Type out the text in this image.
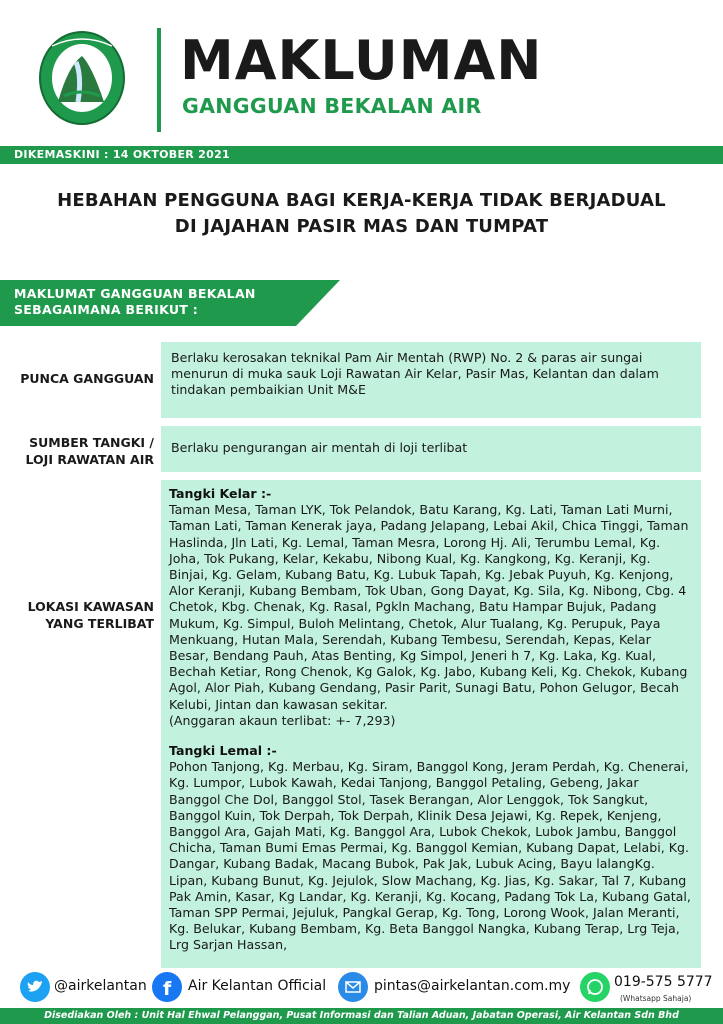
MAKLUMAN
GANGGUAN BEKALAN AIR
DIKEMASKINI : 14 OKTOBER 2021
HEBAHAN PENGGUNA BAGI KERJA-KERJA TIDAK BERJADUAL
DI JAJAHAN PASIR MAS DAN TUMPAT
MAKLUMAT GANGGUAN BEKALAN
SEBAGAIMANA BERIKUT :
PUNCA GANGGUAN
Berlaku kerosakan teknikal Pam Air Mentah (RWP) No. 2 & paras air sungai menurun di muka sauk Loji Rawatan Air Kelar, Pasir Mas, Kelantan dan dalam tindakan pembaikian Unit M&E
SUMBER TANGKI /
LOJI RAWATAN AIR
Berlaku pengurangan air mentah di loji terlibat
LOKASI KAWASAN
YANG TERLIBAT
Tangki Kelar :-
Taman Mesa, Taman LYK, Tok Pelandok, Batu Karang, Kg. Lati, Taman Lati Murni, Taman Lati, Taman Kenerak jaya, Padang Jelapang, Lebai Akil, Chica Tinggi, Taman Haslinda, Jln Lati, Kg. Lemal, Taman Mesra, Lorong Hj. Ali, Terumbu Lemal, Kg. Joha, Tok Pukang, Kelar, Kekabu, Nibong Kual, Kg. Kangkong, Kg. Keranji, Kg. Binjai, Kg. Gelam, Kubang Batu, Kg. Lubuk Tapah, Kg. Jebak Puyuh, Kg. Kenjong, Alor Keranji, Kubang Bembam, Tok Uban, Gong Dayat, Kg. Sila, Kg. Nibong, Cbg. 4 Chetok, Kbg. Chenak, Kg. Rasal, Pgkln Machang, Batu Hampar Bujuk, Padang Mukum, Kg. Simpul, Buloh Melintang, Chetok, Alur Tualang, Kg. Perupuk, Paya Menkuang, Hutan Mala, Serendah, Kubang Tembesu, Serendah, Kepas, Kelar Besar, Bendang Pauh, Atas Benting, Kg Simpol, Jeneri h 7, Kg. Laka, Kg. Kual, Bechah Ketiar, Rong Chenok, Kg Galok, Kg. Jabo, Kubang Keli, Kg. Chekok, Kubang Agol, Alor Piah, Kubang Gendang, Pasir Parit, Sunagi Batu, Pohon Gelugor, Becah Kelubi, Jintan dan kawasan sekitar.
(Anggaran akaun terlibat: +- 7,293)
Tangki Lemal :-
Pohon Tanjong, Kg. Merbau, Kg. Siram, Banggol Kong, Jeram Perdah, Kg. Chenerai, Kg. Lumpor, Lubok Kawah, Kedai Tanjong, Banggol Petaling, Gebeng, Jakar Banggol Che Dol, Banggol Stol, Tasek Berangan, Alor Lenggok, Tok Sangkut, Banggol Kuin, Tok Derpah, Tok Derpah, Klinik Desa Jejawi, Kg. Repek, Kenjeng, Banggol Ara, Gajah Mati, Kg. Banggol Ara, Lubok Chekok, Lubok Jambu, Banggol Chicha, Taman Bumi Emas Permai, Kg. Banggol Kemian, Kubang Dapat, Lelabi, Kg. Dangar, Kubang Badak, Macang Bubok, Pak Jak, Lubuk Acing, Bayu lalangKg. Lipan, Kubang Bunut, Kg. Jejulok, Slow Machang, Kg. Jias, Kg. Sakar, Tal 7, Kubang Pak Amin, Kasar, Kg Landar, Kg. Keranji, Kg. Kocang, Padang Tok La, Kubang Gatal, Taman SPP Permai, Jejuluk, Pangkal Gerap, Kg. Tong, Lorong Wook, Jalan Meranti, Kg. Belukar, Kubang Bembam, Kg. Beta Banggol Nangka, Kubang Terap, Lrg Teja, Lrg Sarjan Hassan,
@airkelantan f Air Kelantan Official	pintas@airkelantan.com.my	019-575 5777
(Whatsapp Sahaja)
Disediakan Oleh : Unit Hal Ehwal Pelanggan, Pusat Informasi dan Talian Aduan, Jabatan Operasi, Air Kelantan Sdn Bhd
